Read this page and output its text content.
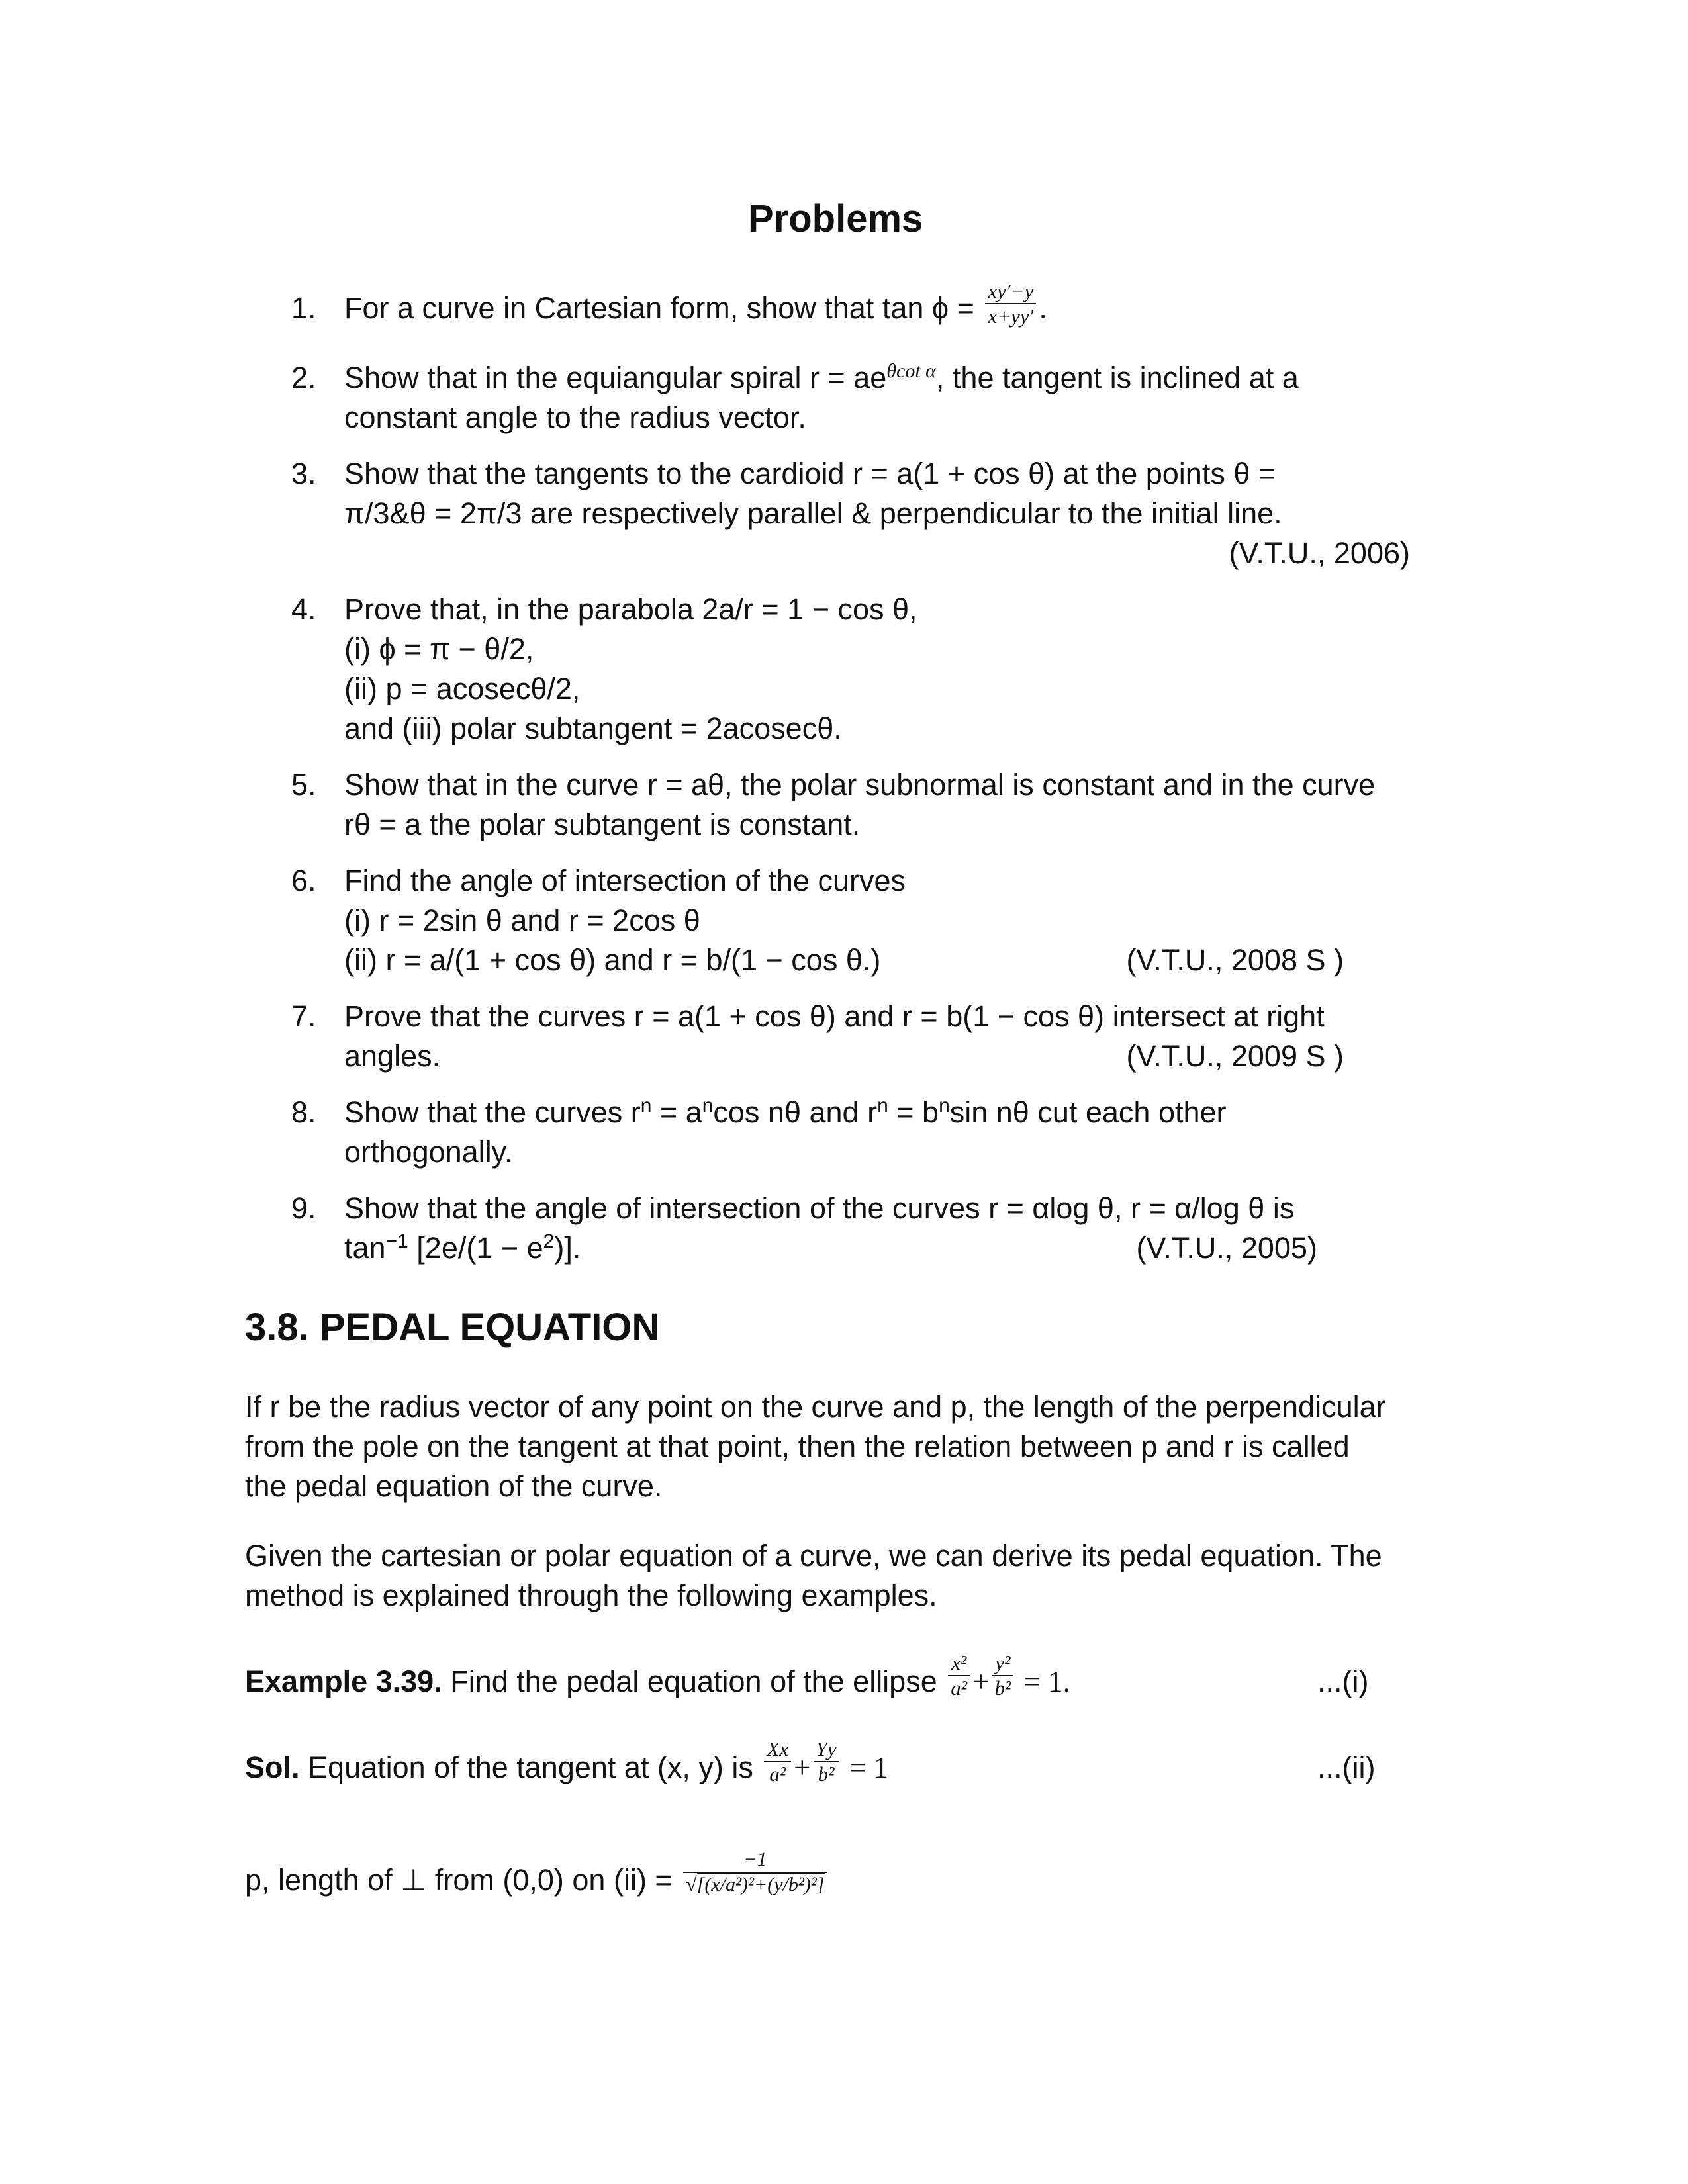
Problems
1. For a curve in Cartesian form, show that $\tan \phi = \frac{xy'-y}{x+yy'}$ .
2. Show that in the equiangular spiral $r = ae^{\theta cot \alpha}$, the tangent is inclined at a
constant angle to the radius vector.
3. Show that the tangents to the cardioid r = a(1 + cos θ) at the points θ =
π/3&θ = 2π/3 are respectively parallel & perpendicular to the initial line.
(V.T.U., 2006)
4. Prove that, in the parabola 2a/r = 1 − cos θ,
(i) ϕ = π − θ/2,
(ii) p = acosecθ/2,
and (iii) polar subtangent = 2acosecθ.
5. Show that in the curve r = aθ, the polar subnormal is constant and in the curve
rθ = a the polar subtangent is constant.
6. Find the angle of intersection of the curves
(i) r = 2sin θ and r = 2cos θ
(ii) r = a/(1 + cos θ) and r = b/(1 − cos θ.)	(V.T.U., 2008 S )
7. Prove that the curves r = a(1 + cos θ) and r = b(1 − cos θ) intersect at right
angles.	(V.T.U., 2009 S )
8. Show that the curves $r^n = a^n\cos$ nθ and $r^n = b^n\sin$ nθ cut each other
orthogonally.
9. Show that the angle of intersection of the curves r = αlog θ, r = α/log θ is
$\tan^{-1} [2e/(1 - e^2)]$.	(V.T.U., 2005)
3.8. PEDAL EQUATION
If r be the radius vector of any point on the curve and p, the length of the perpendicular
from the pole on the tangent at that point, then the relation between p and r is called
the pedal equation of the curve.
Given the cartesian or polar equation of a curve, we can derive its pedal equation. The
method is explained through the following examples.
Example 3.39. Find the pedal equation of the ellipse $\frac{\text{x²}}{\text{a²}} + \frac{\text{y²}}{\text{b²}} = 1$.	...(i)
Sol. Equation of the tangent at (x, y) is $\frac{Xx}{\text{a²}} + \frac{Yy}{\text{b²}} = 1$	...(ii)
p, length of ⊥ from (0,0) on $(ii) = \frac{-1}{\text{√[(x/a²)²+(y/b²)²]}}$
